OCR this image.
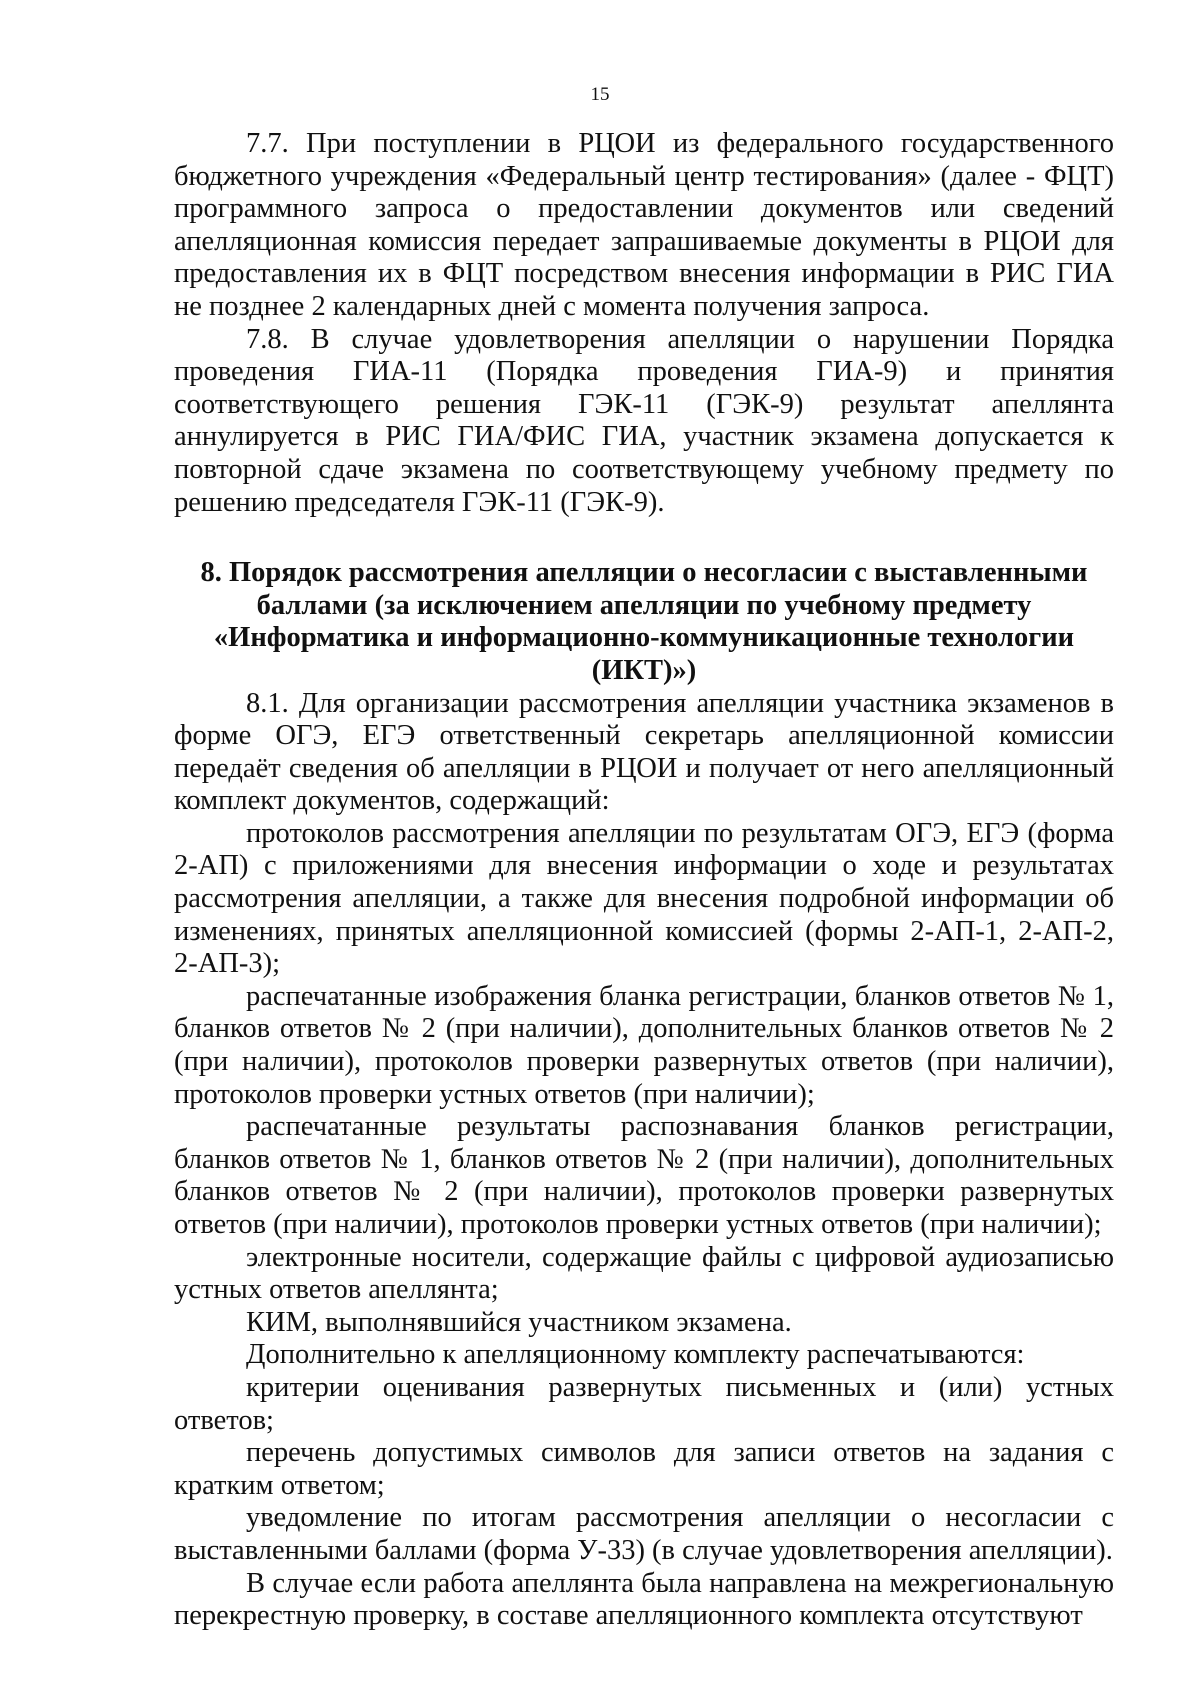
15

7.7. При поступлении в РЦОИ из федерального государственного бюджетного учреждения «Федеральный центр тестирования» (далее - ФЦТ) программного запроса о предоставлении документов или сведений апелляционная комиссия передает запрашиваемые документы в РЦОИ для предоставления их в ФЦТ посредством внесения информации в РИС ГИА не позднее 2 календарных дней с момента получения запроса.

7.8. В случае удовлетворения апелляции о нарушении Порядка проведения ГИА-11 (Порядка проведения ГИА-9) и принятия соответствующего решения ГЭК-11 (ГЭК-9) результат апеллянта аннулируется в РИС ГИА/ФИС ГИА, участник экзамена допускается к повторной сдаче экзамена по соответствующему учебному предмету по решению председателя ГЭК-11 (ГЭК-9).

8. Порядок рассмотрения апелляции о несогласии с выставленными баллами (за исключением апелляции по учебному предмету «Информатика и информационно-коммуникационные технологии (ИКТ)»)

8.1. Для организации рассмотрения апелляции участника экзаменов в форме ОГЭ, ЕГЭ ответственный секретарь апелляционной комиссии передаёт сведения об апелляции в РЦОИ и получает от него апелляционный комплект документов, содержащий:

протоколов рассмотрения апелляции по результатам ОГЭ, ЕГЭ (форма 2-АП) с приложениями для внесения информации о ходе и результатах рассмотрения апелляции, а также для внесения подробной информации об изменениях, принятых апелляционной комиссией (формы 2-АП-1, 2-АП-2, 2-АП-3);

распечатанные изображения бланка регистрации, бланков ответов № 1, бланков ответов № 2 (при наличии), дополнительных бланков ответов № 2 (при наличии), протоколов проверки развернутых ответов (при наличии), протоколов проверки устных ответов (при наличии);

распечатанные результаты распознавания бланков регистрации, бланков ответов № 1, бланков ответов № 2 (при наличии), дополнительных бланков ответов № 2 (при наличии), протоколов проверки развернутых ответов (при наличии), протоколов проверки устных ответов (при наличии);

электронные носители, содержащие файлы с цифровой аудиозаписью устных ответов апеллянта;

КИМ, выполнявшийся участником экзамена.

Дополнительно к апелляционному комплекту распечатываются:

критерии оценивания развернутых письменных и (или) устных ответов;

перечень допустимых символов для записи ответов на задания с кратким ответом;

уведомление по итогам рассмотрения апелляции о несогласии с выставленными баллами (форма У-33) (в случае удовлетворения апелляции).

В случае если работа апеллянта была направлена на межрегиональную перекрестную проверку, в составе апелляционного комплекта отсутствуют
